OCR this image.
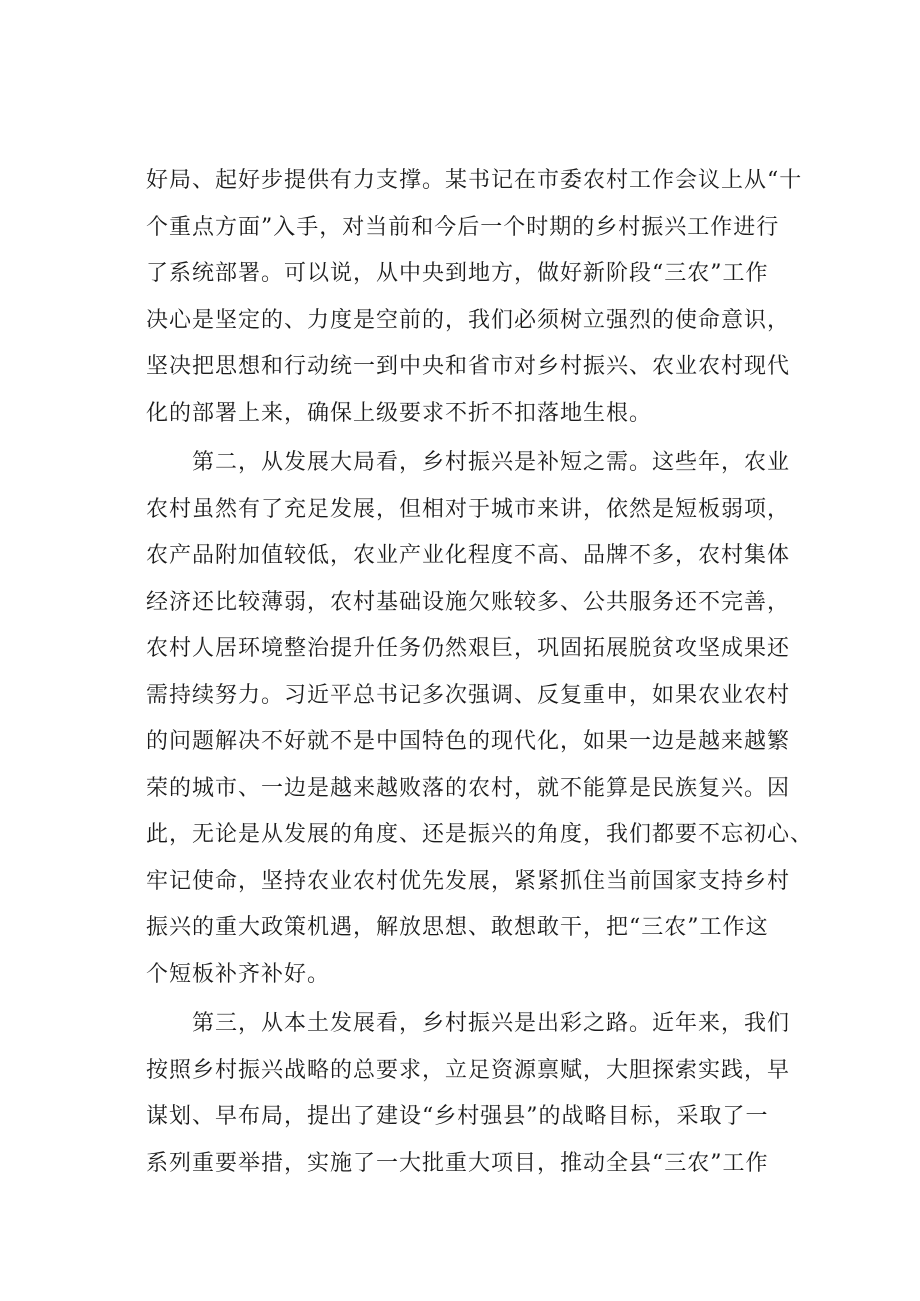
好局、起好步提供有力支撑。某书记在市委农村工作会议上从“十
个重点方面”入手，对当前和今后一个时期的乡村振兴工作进行
了系统部署。可以说，从中央到地方，做好新阶段“三农”工作
决心是坚定的、力度是空前的，我们必须树立强烈的使命意识，
坚决把思想和行动统一到中央和省市对乡村振兴、农业农村现代
化的部署上来，确保上级要求不折不扣落地生根。
　　第二，从发展大局看，乡村振兴是补短之需。这些年，农业
农村虽然有了充足发展，但相对于城市来讲，依然是短板弱项，
农产品附加值较低，农业产业化程度不高、品牌不多，农村集体
经济还比较薄弱，农村基础设施欠账较多、公共服务还不完善，
农村人居环境整治提升任务仍然艰巨，巩固拓展脱贫攻坚成果还
需持续努力。习近平总书记多次强调、反复重申，如果农业农村
的问题解决不好就不是中国特色的现代化，如果一边是越来越繁
荣的城市、一边是越来越败落的农村，就不能算是民族复兴。因
此，无论是从发展的角度、还是振兴的角度，我们都要不忘初心、
牢记使命，坚持农业农村优先发展，紧紧抓住当前国家支持乡村
振兴的重大政策机遇，解放思想、敢想敢干，把“三农”工作这
个短板补齐补好。
　　第三，从本土发展看，乡村振兴是出彩之路。近年来，我们
按照乡村振兴战略的总要求，立足资源禀赋，大胆探索实践，早
谋划、早布局，提出了建设“乡村强县”的战略目标，采取了一
系列重要举措，实施了一大批重大项目，推动全县“三农”工作
